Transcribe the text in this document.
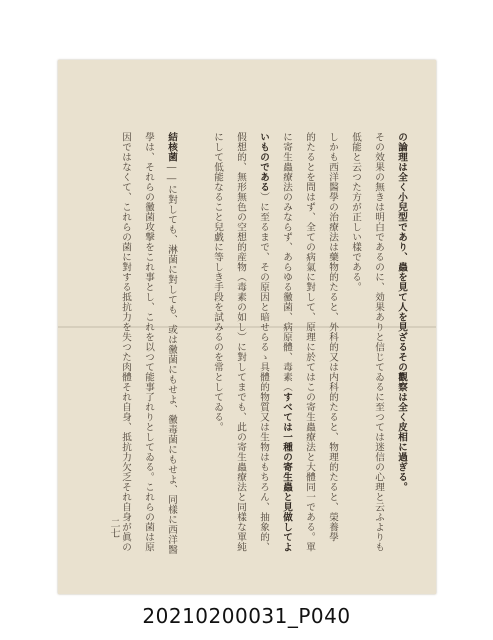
の論理は全く小兒型であり、蟲を見て人を見ざるその觀察は全く皮相に過ぎる。
その效果の無きは明白であるのに、効果ありと信じてゐるに至つては迷信の心理と云ふよりも
低能と云つた方が正しい樣である。
しかも西洋醫學の治療法は藥物的たると、外科的又は内科的たると、物理的たると、榮養學
的たるとを問はず、全ての病氣に對して、原理に於てはこの寄生蟲療法と大體同一である。單
に寄生蟲療法のみならず、あらゆる黴菌、病原體、毒素（すべては一種の寄生蟲と見做してよ
いものである）に至るまで、その原因と暗せらるゝ具體的物質又は生物はもちろん、抽象的、
假想的、無形無色の空想的産物（毒素の如し）に對してまでも、此の寄生蟲療法と同樣な單純
にして低能なること兒戯に等しき手段を試みるのを常としてゐる。
結核菌――に對しても、淋菌に對しても、或は黴菌にもせよ、黴毒菌にもせよ、同樣に西洋醫
學は、それらの黴菌攻撃をこれ事とし、これを以つて能事了れりとしてゐる。これらの菌は原
因ではなくて、これらの菌に對する抵抗力を失つた肉體それ自身、抵抗力欠乏それ自身が眞の
二七
20210200031_P040
